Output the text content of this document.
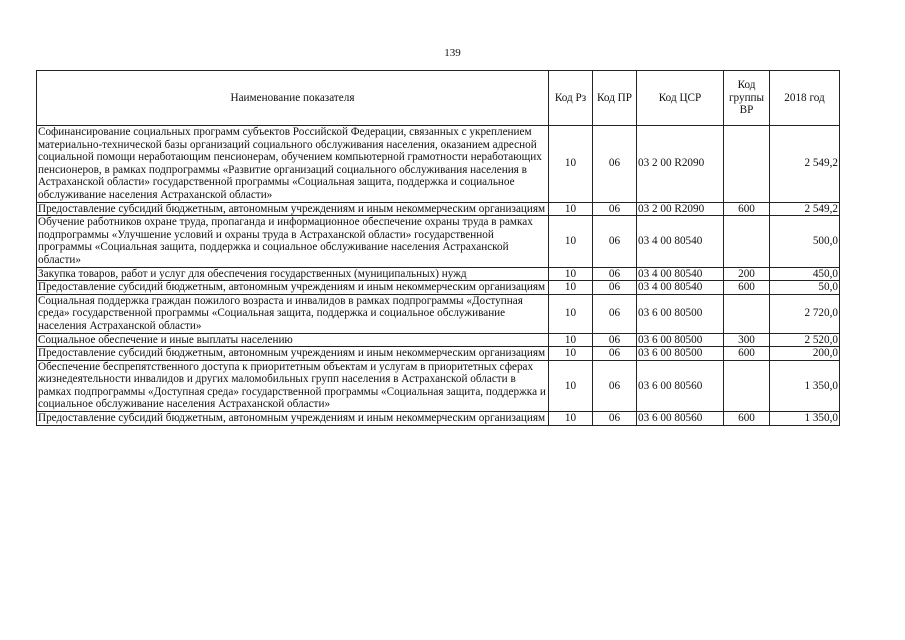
139
Наименование показателя	Код Рз	Код ПР	Код ЦСР	Код группы ВР	2018 год
Софинансирование социальных программ субъектов Российской Федерации, связанных с укреплением материально-технической базы организаций социального обслуживания населения, оказанием адресной социальной помощи неработающим пенсионерам, обучением компьютерной грамотности неработающих пенсионеров, в рамках подпрограммы «Развитие организаций социального обслуживания населения в Астраханской области» государственной программы «Социальная защита, поддержка и социальное обслуживание населения Астраханской области»	10	06	03 2 00 R2090		2 549,2
Предоставление субсидий бюджетным, автономным учреждениям и иным некоммерческим организациям	10	06	03 2 00 R2090	600	2 549,2
Обучение работников охране труда, пропаганда и информационное обеспечение охраны труда в рамках подпрограммы «Улучшение условий и охраны труда в Астраханской области» государственной программы «Социальная защита, поддержка и социальное обслуживание населения Астраханской области»	10	06	03 4 00 80540		500,0
Закупка товаров, работ и услуг для обеспечения государственных (муниципальных) нужд	10	06	03 4 00 80540	200	450,0
Предоставление субсидий бюджетным, автономным учреждениям и иным некоммерческим организациям	10	06	03 4 00 80540	600	50,0
Социальная поддержка граждан пожилого возраста и инвалидов в рамках подпрограммы «Доступная среда» государственной программы «Социальная защита, поддержка и социальное обслуживание населения Астраханской области»	10	06	03 6 00 80500		2 720,0
Социальное обеспечение и иные выплаты населению	10	06	03 6 00 80500	300	2 520,0
Предоставление субсидий бюджетным, автономным учреждениям и иным некоммерческим организациям	10	06	03 6 00 80500	600	200,0
Обеспечение беспрепятственного доступа к приоритетным объектам и услугам в приоритетных сферах жизнедеятельности инвалидов и других маломобильных групп населения в Астраханской области в рамках подпрограммы «Доступная среда» государственной программы «Социальная защита, поддержка и социальное обслуживание населения Астраханской области»	10	06	03 6 00 80560		1 350,0
Предоставление субсидий бюджетным, автономным учреждениям и иным некоммерческим организациям	10	06	03 6 00 80560	600	1 350,0
